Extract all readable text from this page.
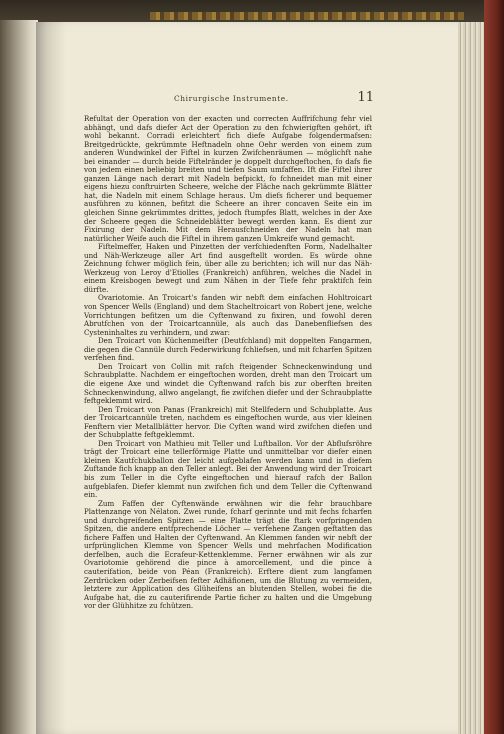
Chirurgische Instrumente.	11

Refultat der Operation von der exacten und correcten Auffrifchung fehr viel abhängt, und dafs diefer Act der Operation zu den fchwierigften gehört, ift wohl bekannt. Corradi erleichtert fich diefe Aufgabe folgendermafsen: Breitgedrückte, gekrümmte Heftnadeln ohne Oehr werden von einem zum anderen Wundwinkel der Fiftel in kurzen Zwifchenräumen — möglichft nahe bei einander — durch beide Fiftelränder je doppelt durchgeftochen, fo dafs fie von jedem einen beliebig breiten und tiefen Saum umfaffen. Ift die Fiftel ihrer ganzen Länge nach derart mit Nadeln befpickt, fo fchneidet man mit einer eigens hiezu conftruirten Scheere, welche der Fläche nach gekrümmte Blätter hat, die Nadeln mit einem Schlage heraus. Um diefs ficherer und bequemer ausführen zu können, befitzt die Scheere an ihrer concaven Seite ein im gleichen Sinne gekrümmtes drittes, jedoch ftumpfes Blatt, welches in der Axe der Scheere gegen die Schneideblätter bewegt werden kann. Es dient zur Fixirung der Nadeln. Mit dem Herausfchneiden der Nadeln hat man natürlicher Weife auch die Fiftel in ihrem ganzen Umkreife wund gemacht.

Fiftelmeffer, Haken und Pinzetten der verfchiedenften Form, Nadelhalter und Näh-Werkzeuge aller Art find ausgeftellt worden. Es würde ohne Zeichnung fchwer möglich fein, über alle zu berichten; ich will nur das Näh-Werkzeug von Leroy d'Etiolles (Frankreich) anführen, welches die Nadel in einem Kreisbogen bewegt und zum Nähen in der Tiefe fehr praktifch fein dürfte.

Ovariotomie. An Troicart's fanden wir nebft dem einfachen Hohltroicart von Spencer Wells (England) und dem Stacheltroicart von Robert jene, welche Vorrichtungen befitzen um die Cyftenwand zu fixiren, und fowohl deren Abrutfchen von der Troicartcannüle, als auch das Danebenfliefsen des Cysteninhaltes zu verhindern, und zwar:

Den Troicart von Küchenmeifter (Deutfchland) mit doppelten Fangarmen, die gegen die Cannüle durch Federwirkung fchliefsen, und mit fcharfen Spitzen verfehen find.

Den Troicart von Collin mit rafch fteigender Schneckenwindung und Schraubplatte. Nachdem er eingeftochen worden, dreht man den Troicart um die eigene Axe und windet die Cyftenwand rafch bis zur oberften breiten Schneckenwindung, allwo angelangt, fie zwifchen diefer und der Schraubplatte feftgeklemmt wird.

Den Troicart von Panas (Frankreich) mit Stellfedern und Schubplatte. Aus der Troicartcannüle treten, nachdem es eingeftochen wurde, aus vier kleinen Fenftern vier Metallblätter hervor. Die Cyften wand wird zwifchen diefen und der Schubplatte feftgeklemmt.

Den Troicart von Mathieu mit Teller und Luftballon. Vor der Abflufsröhre trägt der Troicart eine tellerförmige Platte und unmittelbar vor diefer einen kleinen Kautfchukballon der leicht aufgeblafen werden kann und in diefem Zuftande fich knapp an den Teller anlegt. Bei der Anwendung wird der Troicart bis zum Teller in die Cyfte eingeftochen und hierauf rafch der Ballon aufgeblafen. Diefer klemmt nun zwifchen fich und dem Teller die Cyftenwand ein.

Zum Faffen der Cyftenwände erwähnen wir die fehr brauchbare Plattenzange von Nélaton. Zwei runde, fcharf gerinnte und mit fechs fcharfen und durchgreifenden Spitzen — eine Platte trägt die ftark vorfpringenden Spitzen, die andere entfprechende Löcher — verfehene Zangen geftatten das fichere Faffen und Halten der Cyftenwand. An Klemmen fanden wir nebft der urfprünglichen Klemme von Spencer Wells und mehrfachen Modification derfelben, auch die Ecrafeur-Kettenklemme. Ferner erwähnen wir als zur Ovariotomie gehörend die pince à amorcellement, und die pince à cauterifation, beide von Péan (Frankreich). Erftere dient zum langfamen Zerdrücken oder Zerbeifsen fefter Adhäfionen, um die Blutung zu vermeiden, letztere zur Application des Glüheifens an blutenden Stellen, wobei fie die Aufgabe hat, die zu cauterifirende Partie ficher zu halten und die Umgebung vor der Glühhitze zu fchützen.
